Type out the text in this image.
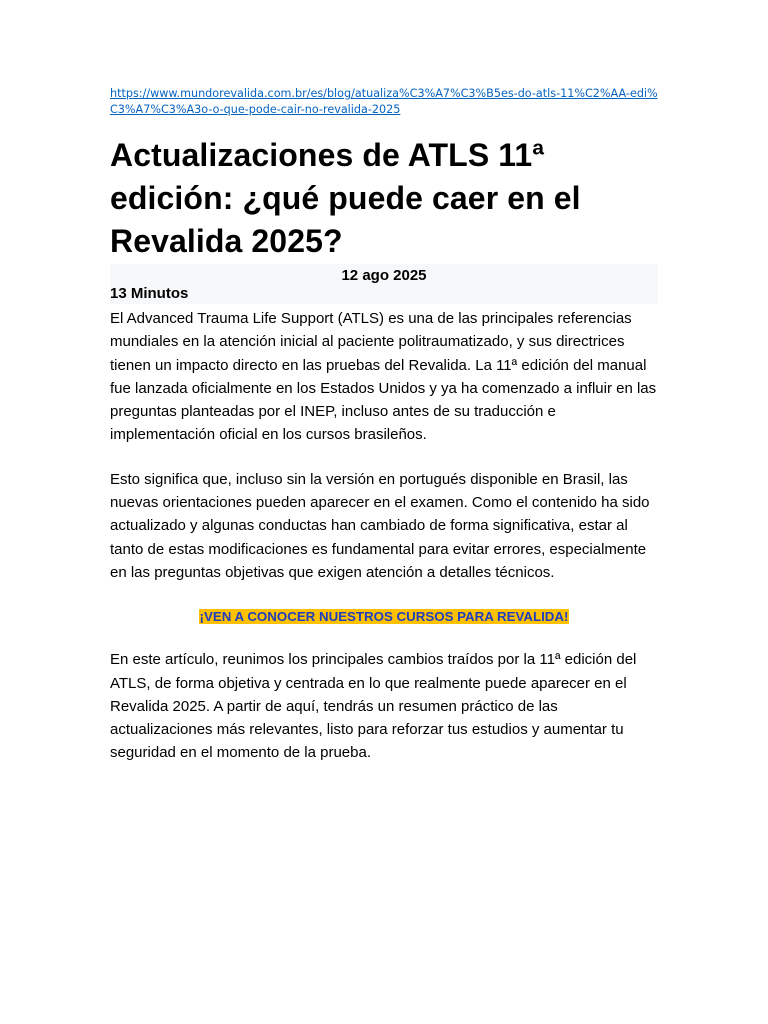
https://www.mundorevalida.com.br/es/blog/atualiza%C3%A7%C3%B5es-do-atls-11%C2%AA-edi%C3%A7%C3%A3o-o-que-pode-cair-no-revalida-2025
Actualizaciones de ATLS 11ª edición: ¿qué puede caer en el Revalida 2025?
12 ago 2025
13 Minutos

El Advanced Trauma Life Support (ATLS) es una de las principales referencias mundiales en la atención inicial al paciente politraumatizado, y sus directrices tienen un impacto directo en las pruebas del Revalida. La 11ª edición del manual fue lanzada oficialmente en los Estados Unidos y ya ha comenzado a influir en las preguntas planteadas por el INEP, incluso antes de su traducción e implementación oficial en los cursos brasileños.

Esto significa que, incluso sin la versión en portugués disponible en Brasil, las nuevas orientaciones pueden aparecer en el examen. Como el contenido ha sido actualizado y algunas conductas han cambiado de forma significativa, estar al tanto de estas modificaciones es fundamental para evitar errores, especialmente en las preguntas objetivas que exigen atención a detalles técnicos.

¡VEN A CONOCER NUESTROS CURSOS PARA REVALIDA!

En este artículo, reunimos los principales cambios traídos por la 11ª edición del ATLS, de forma objetiva y centrada en lo que realmente puede aparecer en el Revalida 2025. A partir de aquí, tendrás un resumen práctico de las actualizaciones más relevantes, listo para reforzar tus estudios y aumentar tu seguridad en el momento de la prueba.
